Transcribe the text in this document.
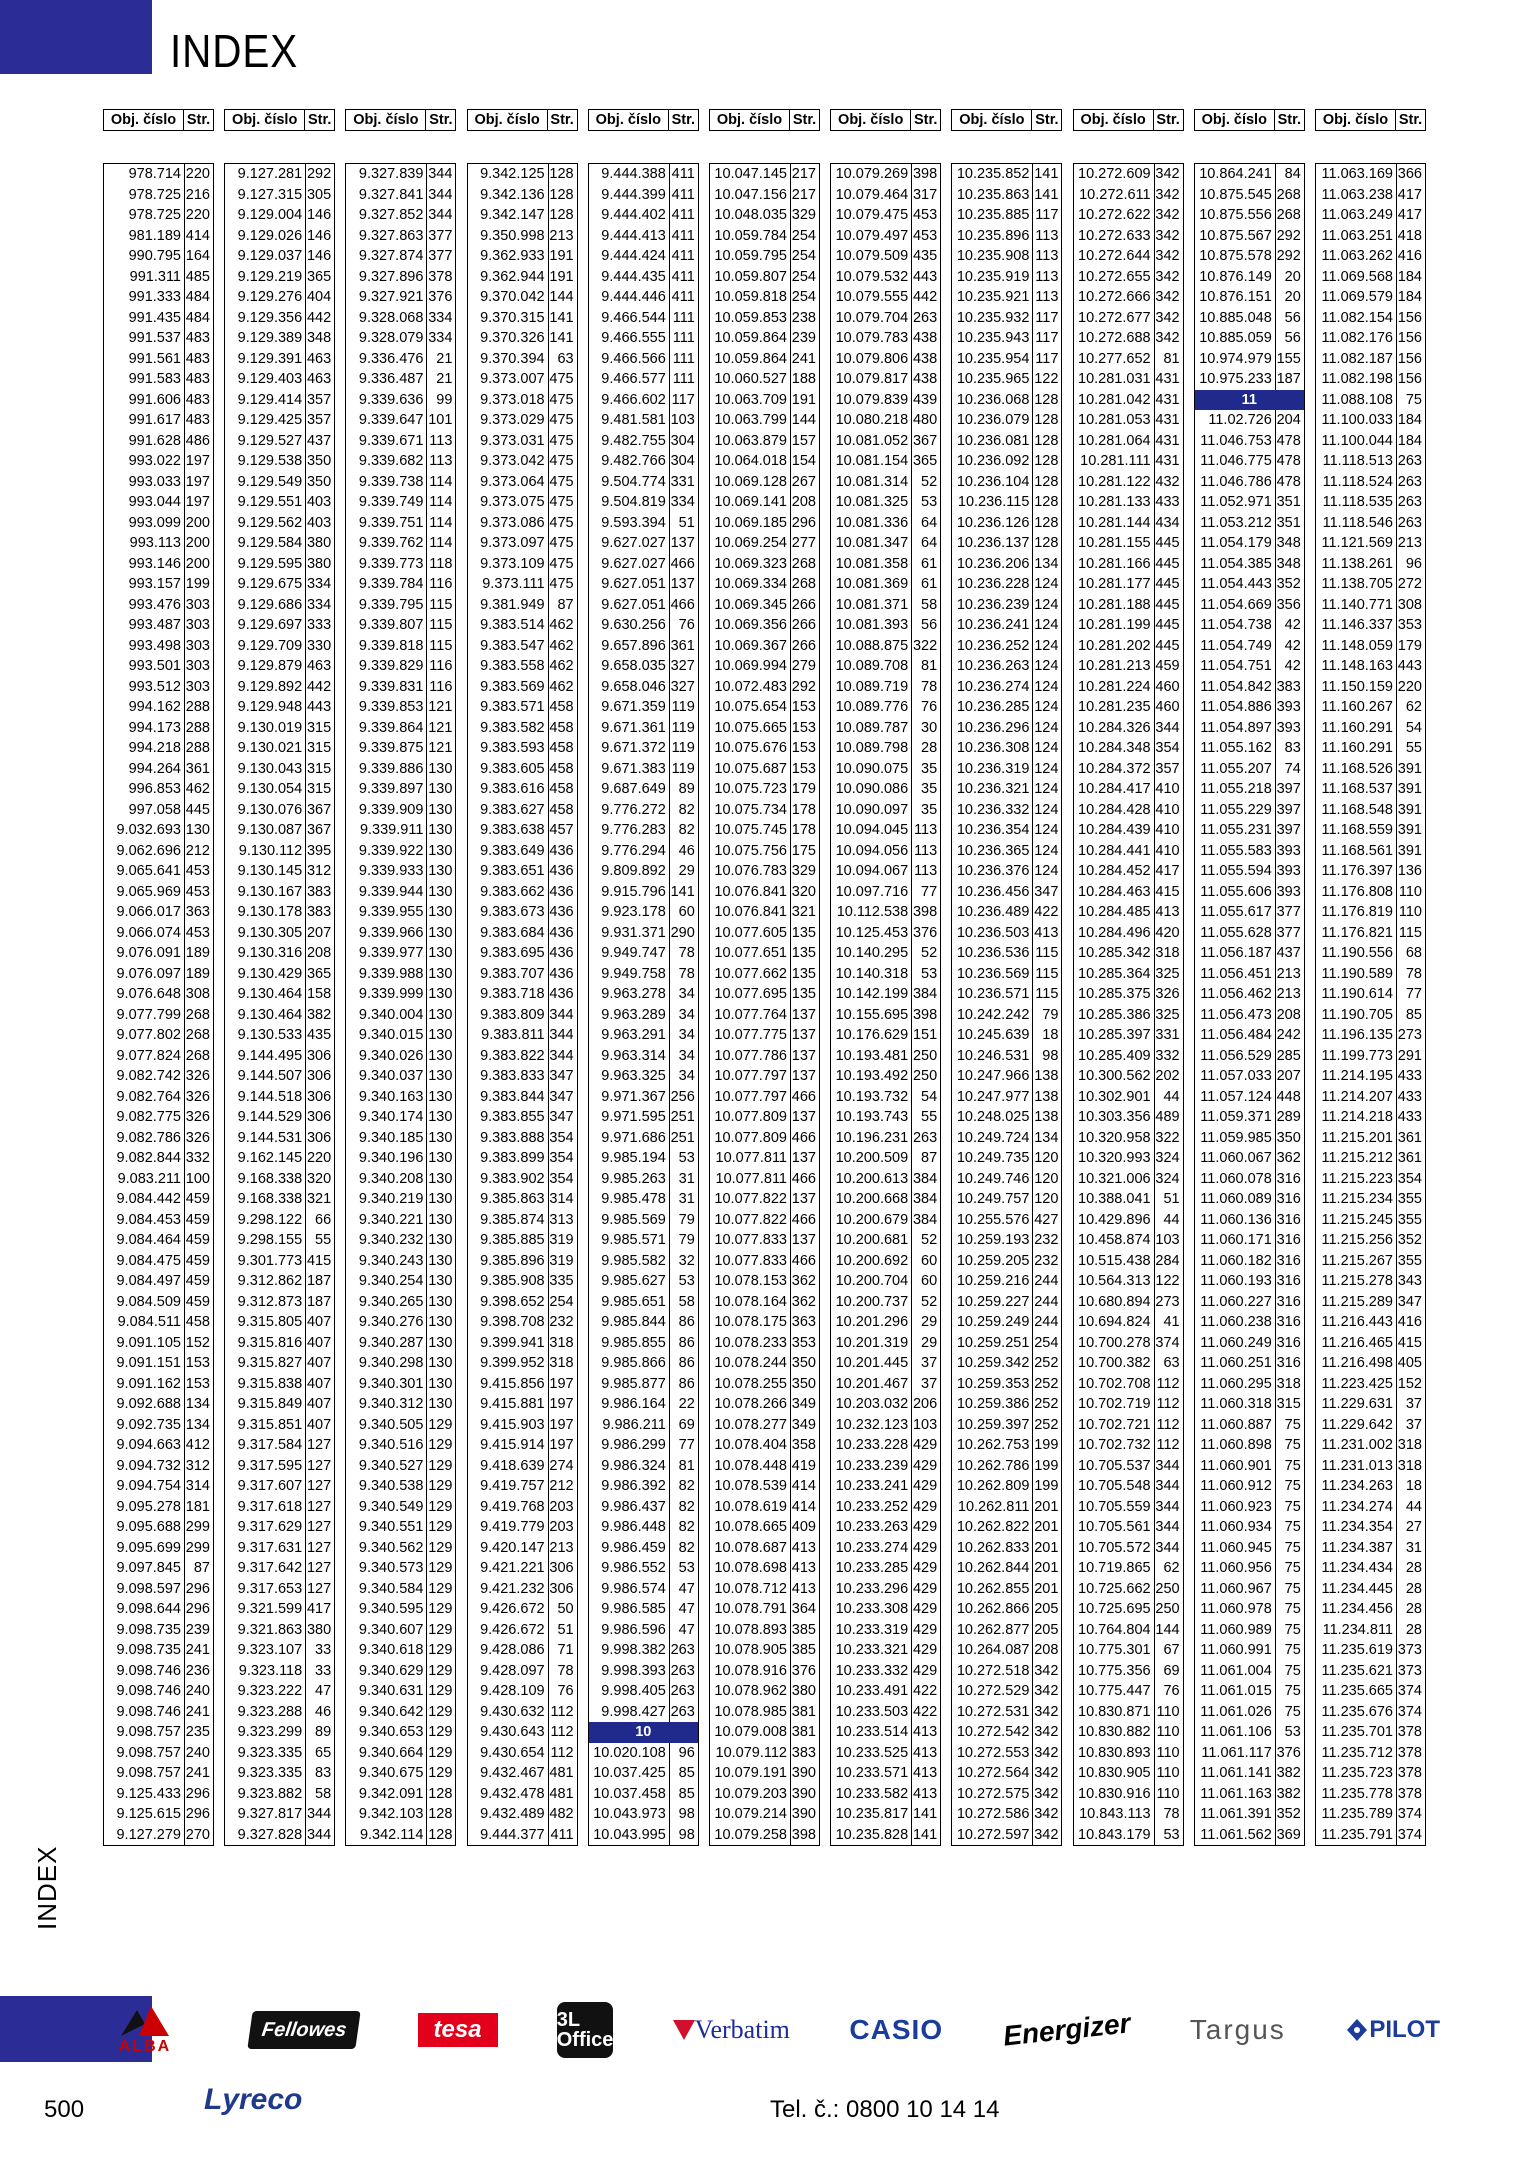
INDEX
Obj. číslo Str.
978.714 220
978.725 216
978.725 220
981.189 414
990.795 164
991.311 485
991.333 484
991.435 484
991.537 483
991.561 483
991.583 483
991.606 483
991.617 483
991.628 486
993.022 197
993.033 197
993.044 197
993.099 200
993.113 200
993.146 200
993.157 199
993.476 303
993.487 303
993.498 303
993.501 303
993.512 303
994.162 288
994.173 288
994.218 288
994.264 361
996.853 462
997.058 445
9.032.693 130
9.062.696 212
9.065.641 453
9.065.969 453
9.066.017 363
9.066.074 453
9.076.091 189
9.076.097 189
9.076.648 308
9.077.799 268
9.077.802 268
9.077.824 268
9.082.742 326
9.082.764 326
9.082.775 326
9.082.786 326
9.082.844 332
9.083.211 100
9.084.442 459
9.084.453 459
9.084.464 459
9.084.475 459
9.084.497 459
9.084.509 459
9.084.511 458
9.091.105 152
9.091.151 153
9.091.162 153
9.092.688 134
9.092.735 134
9.094.663 412
9.094.732 312
9.094.754 314
9.095.278 181
9.095.688 299
9.095.699 299
9.097.845 87
9.098.597 296
9.098.644 296
9.098.735 239
9.098.735 241
9.098.746 236
9.098.746 240
9.098.746 241
9.098.757 235
9.098.757 240
9.098.757 241
9.125.433 296
9.125.615 296
9.127.279 270
Obj. číslo Str.
9.127.281 292
9.127.315 305
9.129.004 146
9.129.026 146
9.129.037 146
9.129.219 365
9.129.276 404
9.129.356 442
9.129.389 348
9.129.391 463
9.129.403 463
9.129.414 357
9.129.425 357
9.129.527 437
9.129.538 350
9.129.549 350
9.129.551 403
9.129.562 403
9.129.584 380
9.129.595 380
9.129.675 334
9.129.686 334
9.129.697 333
9.129.709 330
9.129.879 463
9.129.892 442
9.129.948 443
9.130.019 315
9.130.021 315
9.130.043 315
9.130.054 315
9.130.076 367
9.130.087 367
9.130.112 395
9.130.145 312
9.130.167 383
9.130.178 383
9.130.305 207
9.130.316 208
9.130.429 365
9.130.464 158
9.130.464 382
9.130.533 435
9.144.495 306
9.144.507 306
9.144.518 306
9.144.529 306
9.144.531 306
9.162.145 220
9.168.338 320
9.168.338 321
9.298.122 66
9.298.155 55
9.301.773 415
9.312.862 187
9.312.873 187
9.315.805 407
9.315.816 407
9.315.827 407
9.315.838 407
9.315.849 407
9.315.851 407
9.317.584 127
9.317.595 127
9.317.607 127
9.317.618 127
9.317.629 127
9.317.631 127
9.317.642 127
9.317.653 127
9.321.599 417
9.321.863 380
9.323.107 33
9.323.118 33
9.323.222 47
9.323.288 46
9.323.299 89
9.323.335 65
9.323.335 83
9.323.882 58
9.327.817 344
9.327.828 344
Obj. číslo Str.
9.327.839 344
9.327.841 344
9.327.852 344
9.327.863 377
9.327.874 377
9.327.896 378
9.327.921 376
9.328.068 334
9.328.079 334
9.336.476 21
9.336.487 21
9.339.636 99
9.339.647 101
9.339.671 113
9.339.682 113
9.339.738 114
9.339.749 114
9.339.751 114
9.339.762 114
9.339.773 118
9.339.784 116
9.339.795 115
9.339.807 115
9.339.818 115
9.339.829 116
9.339.831 116
9.339.853 121
9.339.864 121
9.339.875 121
9.339.886 130
9.339.897 130
9.339.909 130
9.339.911 130
9.339.922 130
9.339.933 130
9.339.944 130
9.339.955 130
9.339.966 130
9.339.977 130
9.339.988 130
9.339.999 130
9.340.004 130
9.340.015 130
9.340.026 130
9.340.037 130
9.340.163 130
9.340.174 130
9.340.185 130
9.340.196 130
9.340.208 130
9.340.219 130
9.340.221 130
9.340.232 130
9.340.243 130
9.340.254 130
9.340.265 130
9.340.276 130
9.340.287 130
9.340.298 130
9.340.301 130
9.340.312 130
9.340.505 129
9.340.516 129
9.340.527 129
9.340.538 129
9.340.549 129
9.340.551 129
9.340.562 129
9.340.573 129
9.340.584 129
9.340.595 129
9.340.607 129
9.340.618 129
9.340.629 129
9.340.631 129
9.340.642 129
9.340.653 129
9.340.664 129
9.340.675 129
9.342.091 128
9.342.103 128
9.342.114 128
Obj. číslo Str.
9.342.125 128
9.342.136 128
9.342.147 128
9.350.998 213
9.362.933 191
9.362.944 191
9.370.042 144
9.370.315 141
9.370.326 141
9.370.394 63
9.373.007 475
9.373.018 475
9.373.029 475
9.373.031 475
9.373.042 475
9.373.064 475
9.373.075 475
9.373.086 475
9.373.097 475
9.373.109 475
9.373.111 475
9.381.949 87
9.383.514 462
9.383.547 462
9.383.558 462
9.383.569 462
9.383.571 458
9.383.582 458
9.383.593 458
9.383.605 458
9.383.616 458
9.383.627 458
9.383.638 457
9.383.649 436
9.383.651 436
9.383.662 436
9.383.673 436
9.383.684 436
9.383.695 436
9.383.707 436
9.383.718 436
9.383.809 344
9.383.811 344
9.383.822 344
9.383.833 347
9.383.844 347
9.383.855 347
9.383.888 354
9.383.899 354
9.383.902 354
9.385.863 314
9.385.874 313
9.385.885 319
9.385.896 319
9.385.908 335
9.398.652 254
9.398.708 232
9.399.941 318
9.399.952 318
9.415.856 197
9.415.881 197
9.415.903 197
9.415.914 197
9.418.639 274
9.419.757 212
9.419.768 203
9.419.779 203
9.420.147 213
9.421.221 306
9.421.232 306
9.426.672 50
9.426.672 51
9.428.086 71
9.428.097 78
9.428.109 76
9.430.632 112
9.430.643 112
9.430.654 112
9.432.467 481
9.432.478 481
9.432.489 482
9.444.377 411
Obj. číslo Str.
9.444.388 411
9.444.399 411
9.444.402 411
9.444.413 411
9.444.424 411
9.444.435 411
9.444.446 411
9.466.544 111
9.466.555 111
9.466.566 111
9.466.577 111
9.466.602 117
9.481.581 103
9.482.755 304
9.482.766 304
9.504.774 331
9.504.819 334
9.593.394 51
9.627.027 137
9.627.027 466
9.627.051 137
9.627.051 466
9.630.256 76
9.657.896 361
9.658.035 327
9.658.046 327
9.671.359 119
9.671.361 119
9.671.372 119
9.671.383 119
9.687.649 89
9.776.272 82
9.776.283 82
9.776.294 46
9.809.892 29
9.915.796 141
9.923.178 60
9.931.371 290
9.949.747 78
9.949.758 78
9.963.278 34
9.963.289 34
9.963.291 34
9.963.314 34
9.963.325 34
9.971.367 256
9.971.595 251
9.971.686 251
9.985.194 53
9.985.263 31
9.985.478 31
9.985.569 79
9.985.571 79
9.985.582 32
9.985.627 53
9.985.651 58
9.985.844 86
9.985.855 86
9.985.866 86
9.985.877 86
9.986.164 22
9.986.211 69
9.986.299 77
9.986.324 81
9.986.392 82
9.986.437 82
9.986.448 82
9.986.459 82
9.986.552 53
9.986.574 47
9.986.585 47
9.986.596 47
9.998.382 263
9.998.393 263
9.998.405 263
9.998.427 263
10
10.020.108 96
10.037.425 85
10.037.458 85
10.043.973 98
10.043.995 98
Obj. číslo Str.
10.047.145 217
10.047.156 217
10.048.035 329
10.059.784 254
10.059.795 254
10.059.807 254
10.059.818 254
10.059.853 238
10.059.864 239
10.059.864 241
10.060.527 188
10.063.709 191
10.063.799 144
10.063.879 157
10.064.018 154
10.069.128 267
10.069.141 208
10.069.185 296
10.069.254 277
10.069.323 268
10.069.334 268
10.069.345 266
10.069.356 266
10.069.367 266
10.069.994 279
10.072.483 292
10.075.654 153
10.075.665 153
10.075.676 153
10.075.687 153
10.075.723 179
10.075.734 178
10.075.745 178
10.075.756 175
10.076.783 329
10.076.841 320
10.076.841 321
10.077.605 135
10.077.651 135
10.077.662 135
10.077.695 135
10.077.764 137
10.077.775 137
10.077.786 137
10.077.797 137
10.077.797 466
10.077.809 137
10.077.809 466
10.077.811 137
10.077.811 466
10.077.822 137
10.077.822 466
10.077.833 137
10.077.833 466
10.078.153 362
10.078.164 362
10.078.175 363
10.078.233 353
10.078.244 350
10.078.255 350
10.078.266 349
10.078.277 349
10.078.404 358
10.078.448 419
10.078.539 414
10.078.619 414
10.078.665 409
10.078.687 413
10.078.698 413
10.078.712 413
10.078.791 364
10.078.893 385
10.078.905 385
10.078.916 376
10.078.962 380
10.078.985 381
10.079.008 381
10.079.112 383
10.079.191 390
10.079.203 390
10.079.214 390
10.079.258 398
Obj. číslo Str.
10.079.269 398
10.079.464 317
10.079.475 453
10.079.497 453
10.079.509 435
10.079.532 443
10.079.555 442
10.079.704 263
10.079.783 438
10.079.806 438
10.079.817 438
10.079.839 439
10.080.218 480
10.081.052 367
10.081.154 365
10.081.314 52
10.081.325 53
10.081.336 64
10.081.347 64
10.081.358 61
10.081.369 61
10.081.371 58
10.081.393 56
10.088.875 322
10.089.708 81
10.089.719 78
10.089.776 76
10.089.787 30
10.089.798 28
10.090.075 35
10.090.086 35
10.090.097 35
10.094.045 113
10.094.056 113
10.094.067 113
10.097.716 77
10.112.538 398
10.125.453 376
10.140.295 52
10.140.318 53
10.142.199 384
10.155.695 398
10.176.629 151
10.193.481 250
10.193.492 250
10.193.732 54
10.193.743 55
10.196.231 263
10.200.509 87
10.200.613 384
10.200.668 384
10.200.679 384
10.200.681 52
10.200.692 60
10.200.704 60
10.200.737 52
10.201.296 29
10.201.319 29
10.201.445 37
10.201.467 37
10.203.032 206
10.232.123 103
10.233.228 429
10.233.239 429
10.233.241 429
10.233.252 429
10.233.263 429
10.233.274 429
10.233.285 429
10.233.296 429
10.233.308 429
10.233.319 429
10.233.321 429
10.233.332 429
10.233.491 422
10.233.503 422
10.233.514 413
10.233.525 413
10.233.571 413
10.233.582 413
10.235.817 141
10.235.828 141
Obj. číslo Str.
10.235.852 141
10.235.863 141
10.235.885 117
10.235.896 113
10.235.908 113
10.235.919 113
10.235.921 113
10.235.932 117
10.235.943 117
10.235.954 117
10.235.965 122
10.236.068 128
10.236.079 128
10.236.081 128
10.236.092 128
10.236.104 128
10.236.115 128
10.236.126 128
10.236.137 128
10.236.206 134
10.236.228 124
10.236.239 124
10.236.241 124
10.236.252 124
10.236.263 124
10.236.274 124
10.236.285 124
10.236.296 124
10.236.308 124
10.236.319 124
10.236.321 124
10.236.332 124
10.236.354 124
10.236.365 124
10.236.376 124
10.236.456 347
10.236.489 422
10.236.503 413
10.236.536 115
10.236.569 115
10.236.571 115
10.242.242 79
10.245.639 18
10.246.531 98
10.247.966 138
10.247.977 138
10.248.025 138
10.249.724 134
10.249.735 120
10.249.746 120
10.249.757 120
10.255.576 427
10.259.193 232
10.259.205 232
10.259.216 244
10.259.227 244
10.259.249 244
10.259.251 254
10.259.342 252
10.259.353 252
10.259.386 252
10.259.397 252
10.262.753 199
10.262.786 199
10.262.809 199
10.262.811 201
10.262.822 201
10.262.833 201
10.262.844 201
10.262.855 201
10.262.866 205
10.262.877 205
10.264.087 208
10.272.518 342
10.272.529 342
10.272.531 342
10.272.542 342
10.272.553 342
10.272.564 342
10.272.575 342
10.272.586 342
10.272.597 342
Obj. číslo Str.
10.272.609 342
10.272.611 342
10.272.622 342
10.272.633 342
10.272.644 342
10.272.655 342
10.272.666 342
10.272.677 342
10.272.688 342
10.277.652 81
10.281.031 431
10.281.042 431
10.281.053 431
10.281.064 431
10.281.111 431
10.281.122 432
10.281.133 433
10.281.144 434
10.281.155 445
10.281.166 445
10.281.177 445
10.281.188 445
10.281.199 445
10.281.202 445
10.281.213 459
10.281.224 460
10.281.235 460
10.284.326 344
10.284.348 354
10.284.372 357
10.284.417 410
10.284.428 410
10.284.439 410
10.284.441 410
10.284.452 417
10.284.463 415
10.284.485 413
10.284.496 420
10.285.342 318
10.285.364 325
10.285.375 326
10.285.386 325
10.285.397 331
10.285.409 332
10.300.562 202
10.302.901 44
10.303.356 489
10.320.958 322
10.320.993 324
10.321.006 324
10.388.041 51
10.429.896 44
10.458.874 103
10.515.438 284
10.564.313 122
10.680.894 273
10.694.824 41
10.700.278 374
10.700.382 63
10.702.708 112
10.702.719 112
10.702.721 112
10.702.732 112
10.705.537 344
10.705.548 344
10.705.559 344
10.705.561 344
10.705.572 344
10.719.865 62
10.725.662 250
10.725.695 250
10.764.804 144
10.775.301 67
10.775.356 69
10.775.447 76
10.830.871 110
10.830.882 110
10.830.893 110
10.830.905 110
10.830.916 110
10.843.113 78
10.843.179 53
Obj. číslo Str.
10.864.241 84
10.875.545 268
10.875.556 268
10.875.567 292
10.875.578 292
10.876.149 20
10.876.151 20
10.885.048 56
10.885.059 56
10.974.979 155
10.975.233 187
11
11.02.726 204
11.046.753 478
11.046.775 478
11.046.786 478
11.052.971 351
11.053.212 351
11.054.179 348
11.054.385 348
11.054.443 352
11.054.669 356
11.054.738 42
11.054.749 42
11.054.751 42
11.054.842 383
11.054.886 393
11.054.897 393
11.055.162 83
11.055.207 74
11.055.218 397
11.055.229 397
11.055.231 397
11.055.583 393
11.055.594 393
11.055.606 393
11.055.617 377
11.055.628 377
11.056.187 437
11.056.451 213
11.056.462 213
11.056.473 208
11.056.484 242
11.056.529 285
11.057.033 207
11.057.124 448
11.059.371 289
11.059.985 350
11.060.067 362
11.060.078 316
11.060.089 316
11.060.136 316
11.060.171 316
11.060.182 316
11.060.193 316
11.060.227 316
11.060.238 316
11.060.249 316
11.060.251 316
11.060.295 318
11.060.318 315
11.060.887 75
11.060.898 75
11.060.901 75
11.060.912 75
11.060.923 75
11.060.934 75
11.060.945 75
11.060.956 75
11.060.967 75
11.060.978 75
11.060.989 75
11.060.991 75
11.061.004 75
11.061.015 75
11.061.026 75
11.061.106 53
11.061.117 376
11.061.141 382
11.061.163 382
11.061.391 352
11.061.562 369
Obj. číslo Str.
11.063.169 366
11.063.238 417
11.063.249 417
11.063.251 418
11.063.262 416
11.069.568 184
11.069.579 184
11.082.154 156
11.082.176 156
11.082.187 156
11.082.198 156
11.088.108 75
11.100.033 184
11.100.044 184
11.118.513 263
11.118.524 263
11.118.535 263
11.118.546 263
11.121.569 213
11.138.261 96
11.138.705 272
11.140.771 308
11.146.337 353
11.148.059 179
11.148.163 443
11.150.159 220
11.160.267 62
11.160.291 54
11.160.291 55
11.168.526 391
11.168.537 391
11.168.548 391
11.168.559 391
11.168.561 391
11.176.397 136
11.176.808 110
11.176.819 110
11.176.821 115
11.190.556 68
11.190.589 78
11.190.614 77
11.190.705 85
11.196.135 273
11.199.773 291
11.214.195 433
11.214.207 433
11.214.218 433
11.215.201 361
11.215.212 361
11.215.223 354
11.215.234 355
11.215.245 355
11.215.256 352
11.215.267 355
11.215.278 343
11.215.289 347
11.216.443 416
11.216.465 415
11.216.498 405
11.223.425 152
11.229.631 37
11.229.642 37
11.231.002 318
11.231.013 318
11.234.263 18
11.234.274 44
11.234.354 27
11.234.387 31
11.234.434 28
11.234.445 28
11.234.456 28
11.234.811 28
11.235.619 373
11.235.621 373
11.235.665 374
11.235.676 374
11.235.701 378
11.235.712 378
11.235.723 378
11.235.778 378
11.235.789 374
11.235.791 374
INDEX
ALBA
Fellowes	tesa	3L Office	Verbatim CASIO Energizer Targus	PILOT
500	Lyreco	Tel. č.: 0800 10 14 14
